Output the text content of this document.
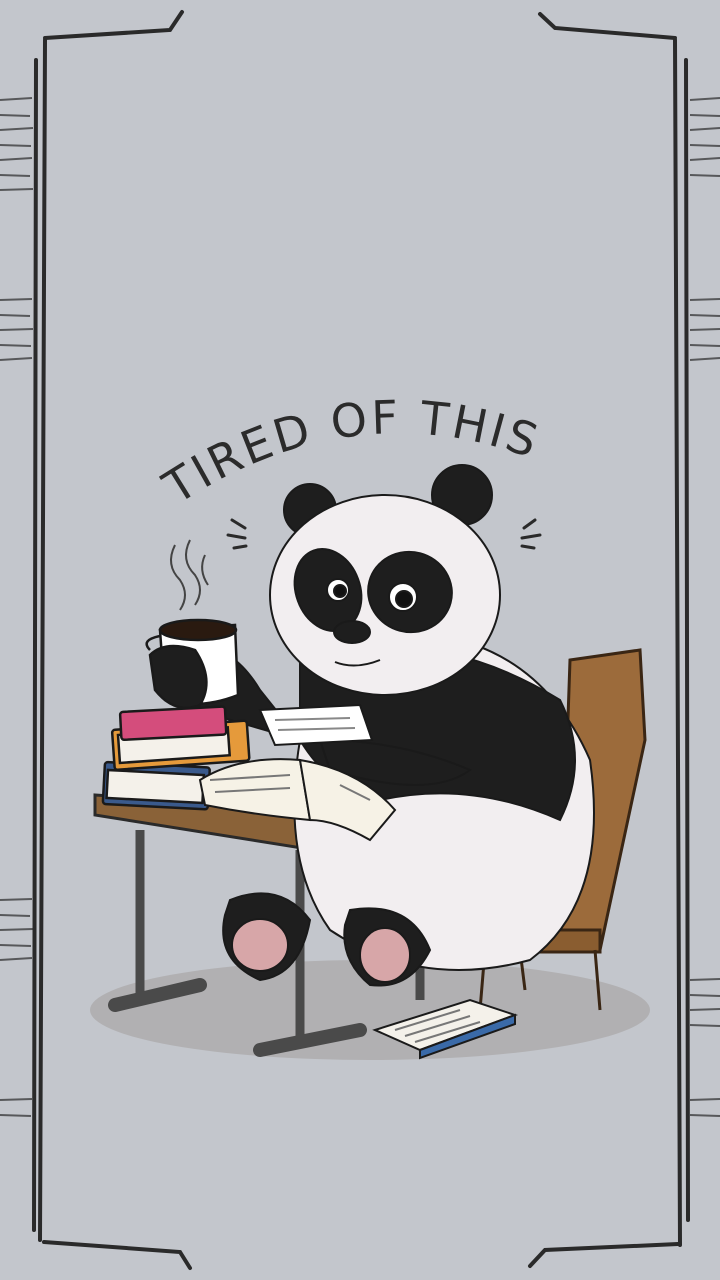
TIRED OF THIS
